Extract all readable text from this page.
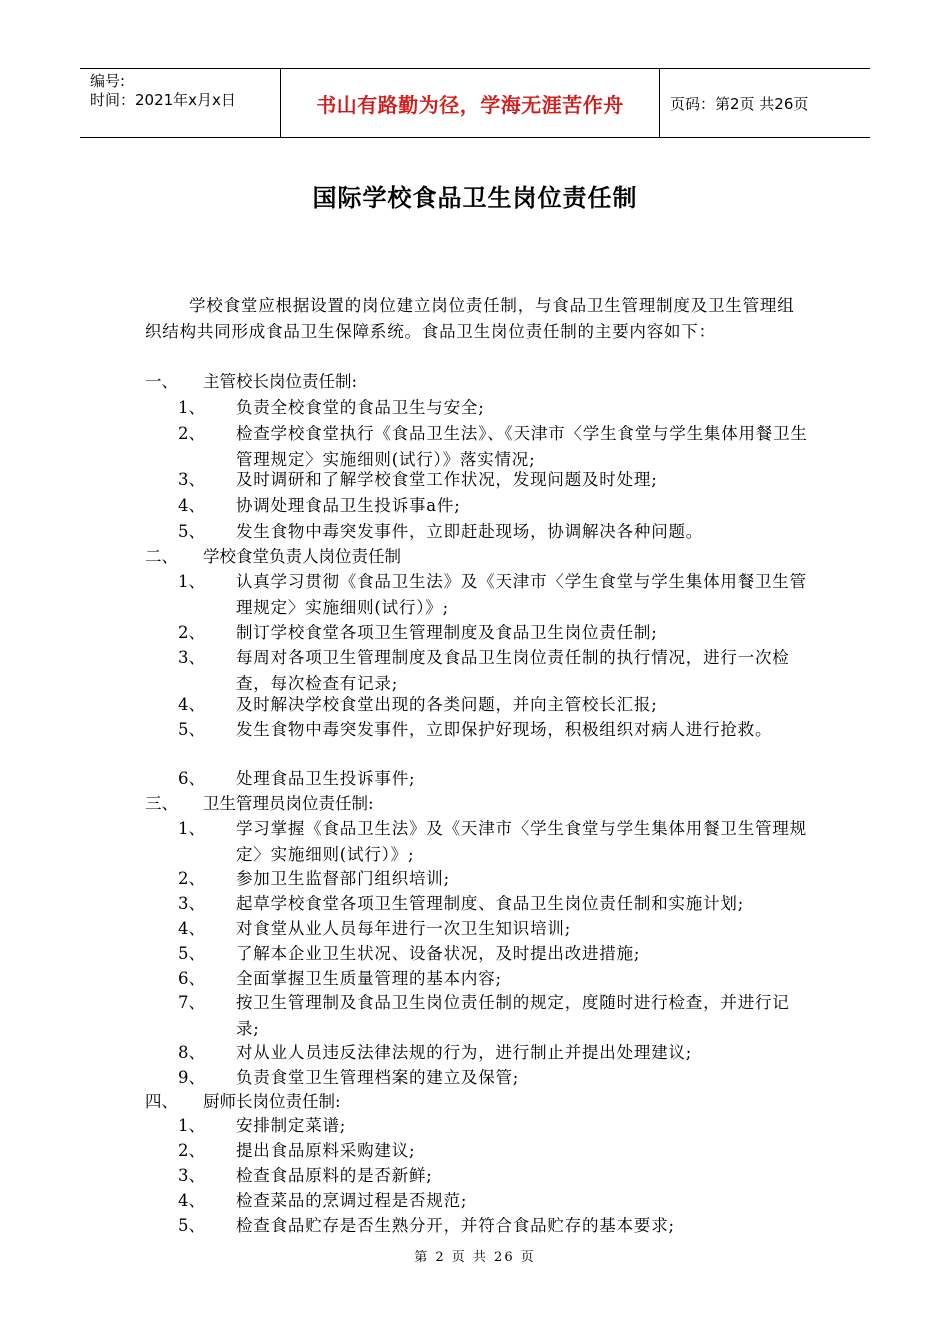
编号:
时间：2021年x月x日	书山有路勤为径，学海无涯苦作舟	页码：第2页 共26页
国际学校食品卫生岗位责任制
学校食堂应根据设置的岗位建立岗位责任制，与食品卫生管理制度及卫生管理组织结构共同形成食品卫生保障系统。食品卫生岗位责任制的主要内容如下：
一、 主管校长岗位责任制:
1、 负责全校食堂的食品卫生与安全;
2、 检查学校食堂执行《食品卫生法》、《天津市〈学生食堂与学生集体用餐卫生管理规定〉实施细则(试行）》落实情况;
3、 及时调研和了解学校食堂工作状况，发现问题及时处理;
4、 协调处理食品卫生投诉事a件;
5、 发生食物中毒突发事件，立即赶赴现场，协调解决各种问题。
二、 学校食堂负责人岗位责任制
1、 认真学习贯彻《食品卫生法》及《天津市〈学生食堂与学生集体用餐卫生管理规定〉实施细则(试行）》;
2、 制订学校食堂各项卫生管理制度及食品卫生岗位责任制;
3、 每周对各项卫生管理制度及食品卫生岗位责任制的执行情况，进行一次检查，每次检查有记录;
4、 及时解决学校食堂出现的各类问题，并向主管校长汇报;
5、 发生食物中毒突发事件，立即保护好现场，积极组织对病人进行抢救。
6、 处理食品卫生投诉事件;
三、 卫生管理员岗位责任制:
1、 学习掌握《食品卫生法》及《天津市〈学生食堂与学生集体用餐卫生管理规定〉实施细则(试行）》;
2、 参加卫生监督部门组织培训;
3、 起草学校食堂各项卫生管理制度、食品卫生岗位责任制和实施计划;
4、 对食堂从业人员每年进行一次卫生知识培训;
5、 了解本企业卫生状况、设备状况，及时提出改进措施;
6、 全面掌握卫生质量管理的基本内容;
7、 按卫生管理制及食品卫生岗位责任制的规定，度随时进行检查，并进行记录;
8、 对从业人员违反法律法规的行为，进行制止并提出处理建议;
9、 负责食堂卫生管理档案的建立及保管;
四、 厨师长岗位责任制:
1、 安排制定菜谱;
2、 提出食品原料采购建议;
3、 检查食品原料的是否新鲜;
4、 检查菜品的烹调过程是否规范;
5、 检查食品贮存是否生熟分开，并符合食品贮存的基本要求;
第 2 页 共 26 页
